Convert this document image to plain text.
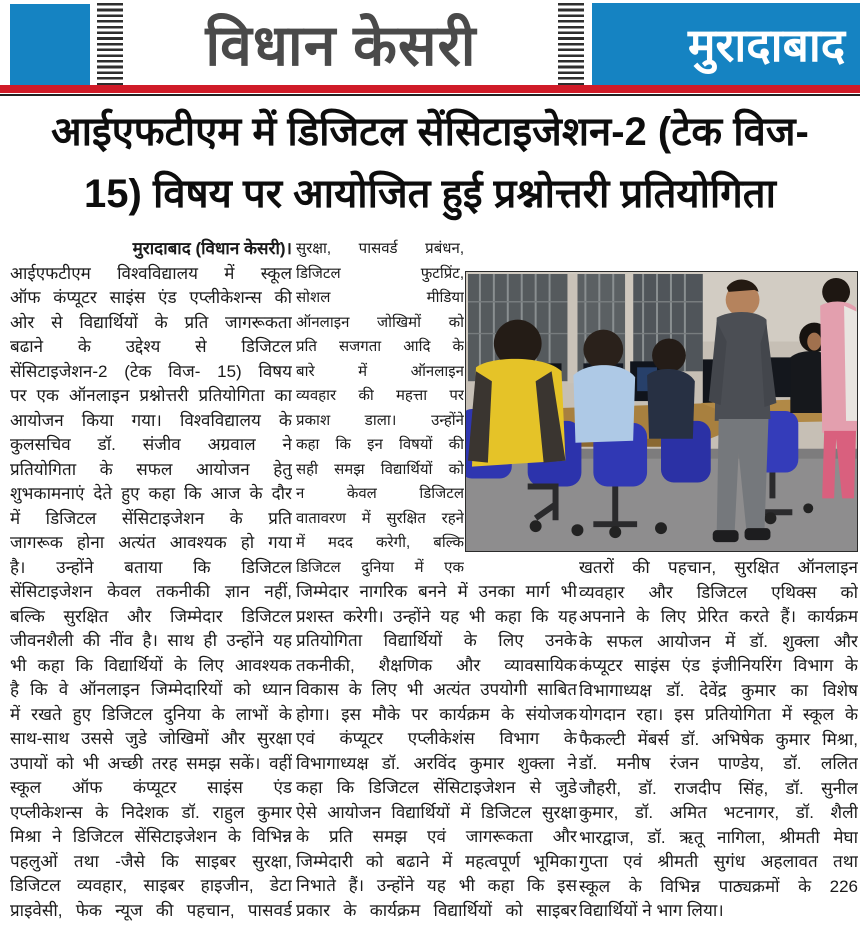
विधान केसरी	मुरादाबाद
आईएफटीएम में डिजिटल सेंसिटाइजेशन-2 (टेक विज-
15) विषय पर आयोजित हुई प्रश्नोत्तरी प्रतियोगिता
मुरादाबाद (विधान केसरी)।
आईएफटीएम विश्वविद्यालय में स्कूल
ऑफ कंप्यूटर साइंस एंड एप्लीकेशन्स की
ओर से विद्यार्थियों के प्रति जागरूकता
बढाने के उद्देश्य से डिजिटल
सेंसिटाइजेशन-2 (टेक विज- 15) विषय
पर एक ऑनलाइन प्रश्नोत्तरी प्रतियोगिता का
आयोजन किया गया। विश्वविद्यालय के
कुलसचिव डॉ. संजीव अग्रवाल ने
प्रतियोगिता के सफल आयोजन हेतु
शुभकामनाएं देते हुए कहा कि आज के दौर
में डिजिटल सेंसिटाइजेशन के प्रति
जागरूक होना अत्यंत आवश्यक हो गया
है। उन्होंने बताया कि डिजिटल
सेंसिटाइजेशन केवल तकनीकी ज्ञान नहीं,
बल्कि सुरक्षित और जिम्मेदार डिजिटल
जीवनशैली की नींव है। साथ ही उन्होंने यह
भी कहा कि विद्यार्थियों के लिए आवश्यक
है कि वे ऑनलाइन जिम्मेदारियों को ध्यान
में रखते हुए डिजिटल दुनिया के लाभों के
साथ-साथ उससे जुडे जोखिमों और सुरक्षा
उपायों को भी अच्छी तरह समझ सकें। वहीं
स्कूल ऑफ कंप्यूटर साइंस एंड
एप्लीकेशन्स के निदेशक डॉ. राहुल कुमार
मिश्रा ने डिजिटल सेंसिटाइजेशन के विभिन्न
पहलुओं तथा -जैसे कि साइबर सुरक्षा,
डिजिटल व्यवहार, साइबर हाइजीन, डेटा
प्राइवेसी, फेक न्यूज की पहचान, पासवर्ड
सुरक्षा, पासवर्ड प्रबंधन,
डिजिटल फुटप्रिंट,
सोशल मीडिया
ऑनलाइन जोखिमों को
प्रति सजगता आदि के
बारे में ऑनलाइन
व्यवहार की महत्ता पर
प्रकाश डाला। उन्होंने
कहा कि इन विषयों की
सही समझ विद्यार्थियों को
न केवल डिजिटल
वातावरण में सुरक्षित रहने
में मदद करेगी, बल्कि
डिजिटल दुनिया में एक
जिम्मेदार नागरिक बनने में उनका मार्ग भी
प्रशस्त करेगी। उन्होंने यह भी कहा कि यह
प्रतियोगिता विद्यार्थियों के लिए उनके
तकनीकी, शैक्षणिक और व्यावसायिक
विकास के लिए भी अत्यंत उपयोगी साबित
होगा। इस मौके पर कार्यक्रम के संयोजक
एवं कंप्यूटर एप्लीकेशंस विभाग के
विभागाध्यक्ष डॉ. अरविंद कुमार शुक्ला ने
कहा कि डिजिटल सेंसिटाइजेशन से जुडे
ऐसे आयोजन विद्यार्थियों में डिजिटल सुरक्षा
के प्रति समझ एवं जागरूकता और
जिम्मेदारी को बढाने में महत्वपूर्ण भूमिका
निभाते हैं। उन्होंने यह भी कहा कि इस
प्रकार के कार्यक्रम विद्यार्थियों को साइबर
खतरों की पहचान, सुरक्षित ऑनलाइन
व्यवहार और डिजिटल एथिक्स को
अपनाने के लिए प्रेरित करते हैं। कार्यक्रम
के सफल आयोजन में डॉ. शुक्ला और
कंप्यूटर साइंस एंड इंजीनियरिंग विभाग के
विभागाध्यक्ष डॉ. देवेंद्र कुमार का विशेष
योगदान रहा। इस प्रतियोगिता में स्कूल के
फैकल्टी मेंबर्स डॉ. अभिषेक कुमार मिश्रा,
डॉ. मनीष रंजन पाण्डेय, डॉ. ललित
जौहरी, डॉ. राजदीप सिंह, डॉ. सुनील
कुमार, डॉ. अमित भटनागर, डॉ. शैली
भारद्वाज, डॉ. ऋतू नागिला, श्रीमती मेघा
गुप्ता एवं श्रीमती सुगंध अहलावत तथा
स्कूल के विभिन्न पाठ्यक्रमों के 226
विद्यार्थियों ने भाग लिया।
